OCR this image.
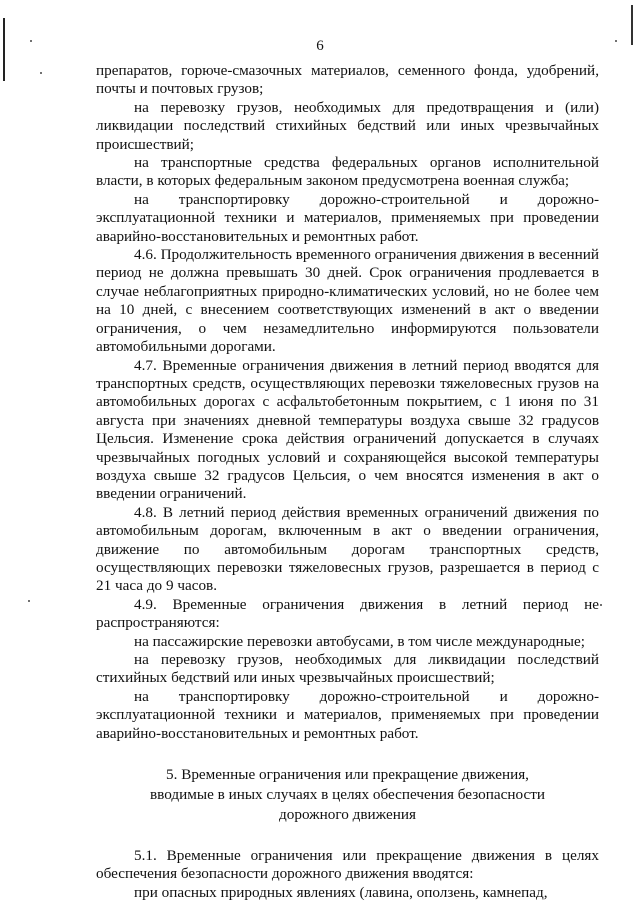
6

препаратов, горюче-смазочных материалов, семенного фонда, удобрений, почты и почтовых грузов;

на перевозку грузов, необходимых для предотвращения и (или) ликвидации последствий стихийных бедствий или иных чрезвычайных происшествий;

на транспортные средства федеральных органов исполнительной власти, в которых федеральным законом предусмотрена военная служба;

на транспортировку дорожно-строительной и дорожно-эксплуатационной техники и материалов, применяемых при проведении аварийно-восстановительных и ремонтных работ.

4.6. Продолжительность временного ограничения движения в весенний период не должна превышать 30 дней. Срок ограничения продлевается в случае неблагоприятных природно-климатических условий, но не более чем на 10 дней, с внесением соответствующих изменений в акт о введении ограничения, о чем незамедлительно информируются пользователи автомобильными дорогами.

4.7. Временные ограничения движения в летний период вводятся для транспортных средств, осуществляющих перевозки тяжеловесных грузов на автомобильных дорогах с асфальтобетонным покрытием, с 1 июня по 31 августа при значениях дневной температуры воздуха свыше 32 градусов Цельсия. Изменение срока действия ограничений допускается в случаях чрезвычайных погодных условий и сохраняющейся высокой температуры воздуха свыше 32 градусов Цельсия, о чем вносятся изменения в акт о введении ограничений.

4.8. В летний период действия временных ограничений движения по автомобильным дорогам, включенным в акт о введении ограничения, движение по автомобильным дорогам транспортных средств, осуществляющих перевозки тяжеловесных грузов, разрешается в период с 21 часа до 9 часов.

4.9. Временные ограничения движения в летний период не распространяются:

на пассажирские перевозки автобусами, в том числе международные;

на перевозку грузов, необходимых для ликвидации последствий стихийных бедствий или иных чрезвычайных происшествий;

на транспортировку дорожно-строительной и дорожно-эксплуатационной техники и материалов, применяемых при проведении аварийно-восстановительных и ремонтных работ.

5. Временные ограничения или прекращение движения,
вводимые в иных случаях в целях обеспечения безопасности
дорожного движения

5.1. Временные ограничения или прекращение движения в целях обеспечения безопасности дорожного движения вводятся:

при опасных природных явлениях (лавина, оползень, камнепад,
